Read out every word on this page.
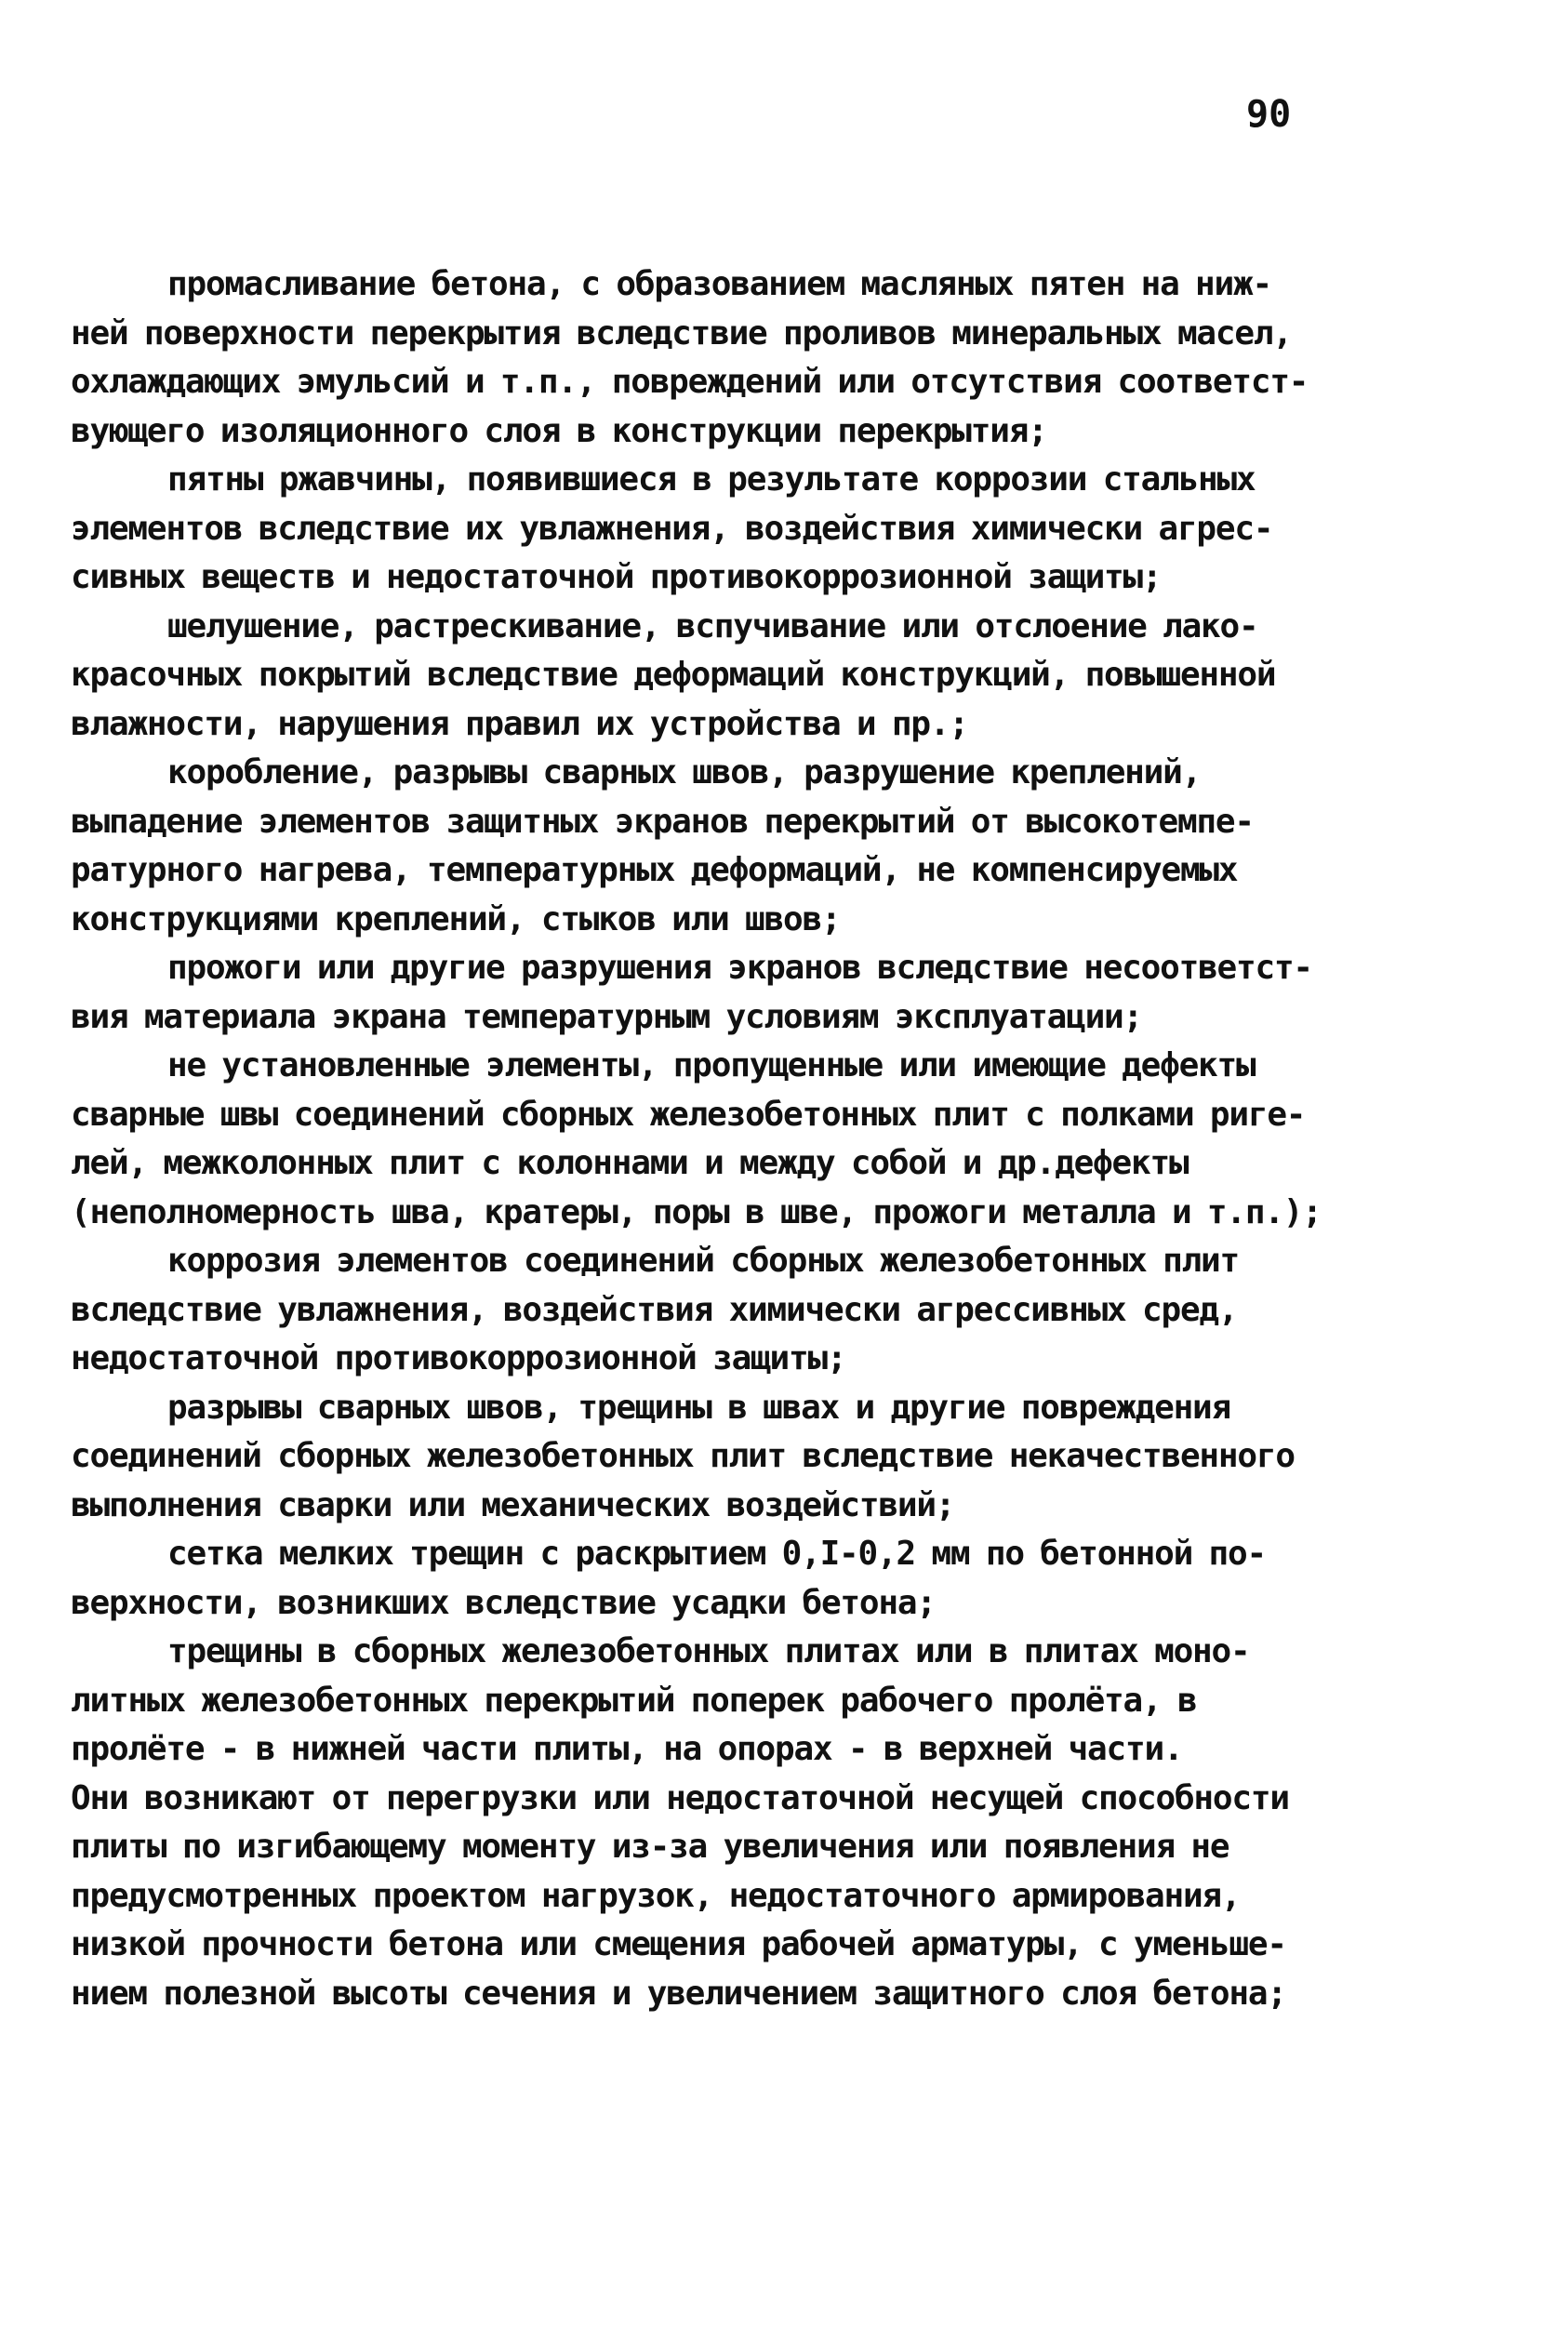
90
промасливание бетона, с образованием масляных пятен на ниж-
ней поверхности перекрытия вследствие проливов минеральных масел,
охлаждающих эмульсий и т.п., повреждений или отсутствия соответст-
вующего изоляционного слоя в конструкции перекрытия;
пятны ржавчины, появившиеся в результате коррозии стальных
элементов вследствие их увлажнения, воздействия химически агрес-
сивных веществ и недостаточной противокоррозионной защиты;
шелушение, растрескивание, вспучивание или отслоение лако-
красочных покрытий вследствие деформаций конструкций, повышенной
влажности, нарушения правил их устройства и пр.;
коробление, разрывы сварных швов, разрушение креплений,
выпадение элементов защитных экранов перекрытий от высокотемпе-
ратурного нагрева, температурных деформаций, не компенсируемых
конструкциями креплений, стыков или швов;
прожоги или другие разрушения экранов вследствие несоответст-
вия материала экрана температурным условиям эксплуатации;
не установленные элементы, пропущенные или имеющие дефекты
сварные швы соединений сборных железобетонных плит с полками риге-
лей, межколонных плит с колоннами и между собой и др.дефекты
(неполномерность шва, кратеры, поры в шве, прожоги металла и т.п.);
коррозия элементов соединений сборных железобетонных плит
вследствие увлажнения, воздействия химически агрессивных сред,
недостаточной противокоррозионной защиты;
разрывы сварных швов, трещины в швах и другие повреждения
соединений сборных железобетонных плит вследствие некачественного
выполнения сварки или механических воздействий;
сетка мелких трещин с раскрытием 0,I-0,2 мм по бетонной по-
верхности, возникших вследствие усадки бетона;
трещины в сборных железобетонных плитах или в плитах моно-
литных железобетонных перекрытий поперек рабочего пролёта, в
пролёте - в нижней части плиты, на опорах - в верхней части.
Они возникают от перегрузки или недостаточной несущей способности
плиты по изгибающему моменту из-за увеличения или появления не
предусмотренных проектом нагрузок, недостаточного армирования,
низкой прочности бетона или смещения рабочей арматуры, с уменьше-
нием полезной высоты сечения и увеличением защитного слоя бетона;
